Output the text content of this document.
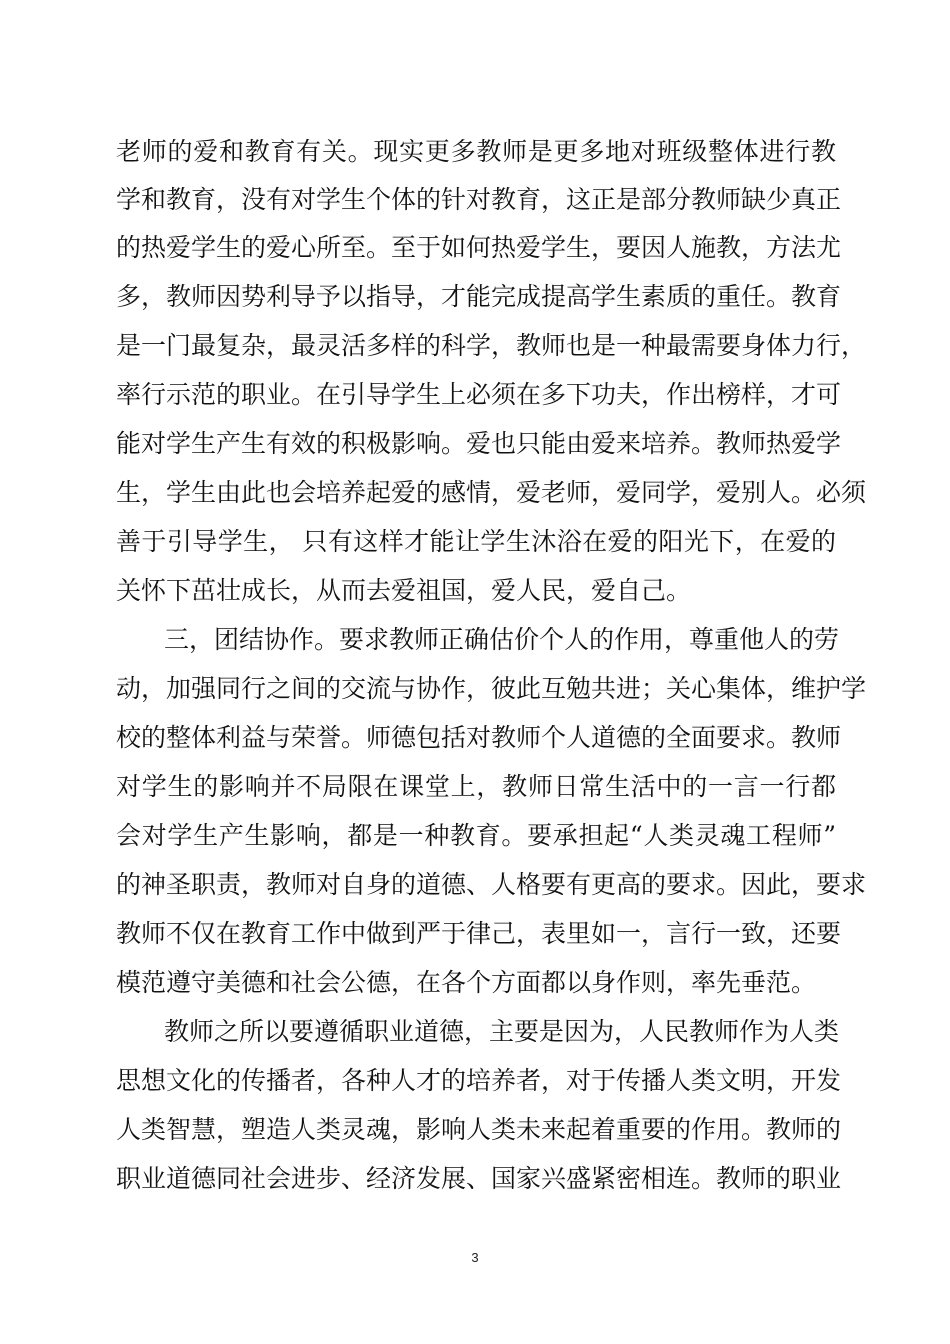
老师的爱和教育有关。现实更多教师是更多地对班级整体进行教
学和教育，没有对学生个体的针对教育，这正是部分教师缺少真正
的热爱学生的爱心所至。至于如何热爱学生，要因人施教，方法尤
多，教师因势利导予以指导，才能完成提高学生素质的重任。教育
是一门最复杂，最灵活多样的科学，教师也是一种最需要身体力行，
率行示范的职业。在引导学生上必须在多下功夫，作出榜样，才可
能对学生产生有效的积极影响。爱也只能由爱来培养。教师热爱学
生，学生由此也会培养起爱的感情，爱老师，爱同学，爱别人。必须
善于引导学生， 只有这样才能让学生沐浴在爱的阳光下，在爱的
关怀下茁壮成长，从而去爱祖国，爱人民，爱自己。
三，团结协作。要求教师正确估价个人的作用，尊重他人的劳
动，加强同行之间的交流与协作，彼此互勉共进；关心集体，维护学
校的整体利益与荣誉。师德包括对教师个人道德的全面要求。教师
对学生的影响并不局限在课堂上，教师日常生活中的一言一行都
会对学生产生影响，都是一种教育。要承担起“人类灵魂工程师”
的神圣职责，教师对自身的道德、人格要有更高的要求。因此，要求
教师不仅在教育工作中做到严于律己，表里如一，言行一致，还要
模范遵守美德和社会公德，在各个方面都以身作则，率先垂范。
教师之所以要遵循职业道德，主要是因为，人民教师作为人类
思想文化的传播者，各种人才的培养者，对于传播人类文明，开发
人类智慧，塑造人类灵魂，影响人类未来起着重要的作用。教师的
职业道德同社会进步、经济发展、国家兴盛紧密相连。教师的职业
3
